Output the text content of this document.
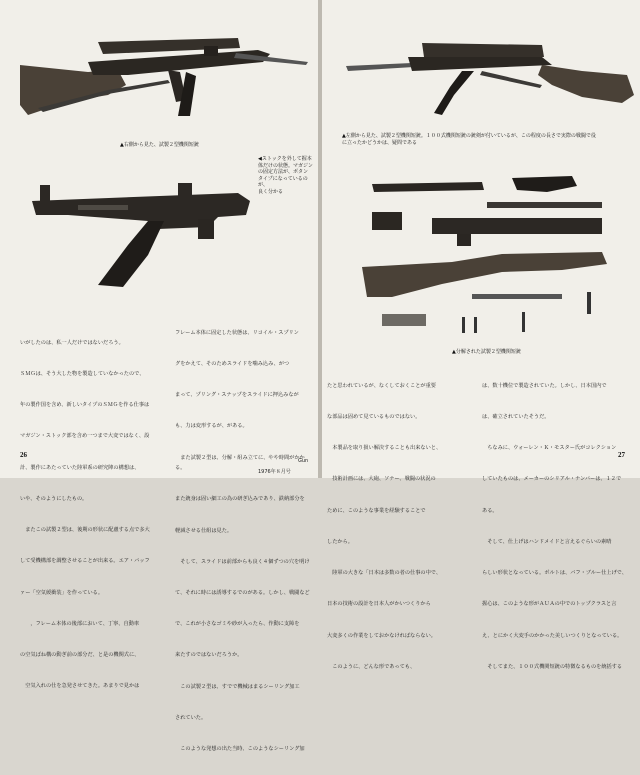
▲右側から見た、試製２型機関短銃
◀ストックを外して握本体だけの状態。マガジン
の固定方法が、ボタン
タイプになっているのが、
良く分かる

いがしたのは、私一人だけではないだろう。

ＳＭＧは、そう大した物を製造していなかったので、

年の製作国を含め、新しいタイプのＳＭＧを作る仕事は

マガジン・ストック部を含め一つまで大変ではなく、設

計、製作にあたっていた陸軍系の研究陣の構想は、

いや、そのようにしたもの。

　またこの試製２型は、後期の形状に配慮する点で多大

して受機構部を調整させることが出来る。エア・バッフ

ァー「空気緩衝装」を作っている。

　　，フレーム本体の後部において、丁寧、自動車

の空気ばね構の動ぎ前の部分だ、と是の機関式に、

　空気入れの仕を急発させてきた。あまりで見かは

フレーム本体に固定した状態は、リコイル・スプリン

グをかえて、そのためスライドを噛み込み、がつ

まって、プリング・スナップをスライドに押込みなが

も、力は変形するが、がある。

　また試製２型は、分解・組み立てに、やや時間がかかる。

また銃身は固い細工の為の研ぎ込みであり、鉄納部分を

軽減させる仕組は見た。

　そして、スライドは前部からも良く４個ずつの穴を明け

て、それに時には誘導するでのがある。しかし、戦闘など

で、これが小さなゴミや砂が入ったら、作動に支障を

来たすのではないだろうか。

　この試製２型は、すでで機械はまるシーリング加工

されていた。

　このような発想の出た当時、このようなシーリング加

26
Gun
1976年８月号
▲左側から見た、試製２型機関短銃。１００式機関短銃の銃剣が付いているが、この程度の長さで実際の戦闘で役
に立ったかどうかは、疑問である
▲分解された試製２型機関短銃

たと思われているが、なくしておくことが重要

な部品は固めて見ているものではない。

　本製品を取り扱い解決することも出来ないと、

　技術計画には、大砲、ソナー、戦闘の状況の

ために、このような事業を経験することで

したから。

　陸軍の大きな「日本は多数の者の仕事の中で、

日本の技術の設計を日本人がかいつくりから

大変多くの作業をしておかなければならない。

　このように、どんな形であっても、

は、数十機位で製造されていた。しかし、日本国内で

は、確立されていたそうだ。

　ちなみに、ウォーレン・Ｋ・モスター氏がコレクション

していたものは、メーカーのシリアル・ナンバーは、１２で

ある。

　そして、仕上げはハンドメイドと言えるぐらいの素晴

らしい形状となっている。ボルトは、バフ・ブルー仕上げで、

握心は、このような形がＡＵＡの中でのトップクラスと言

え、とにかく大変手のかかった美しいつくりとなっている。

　そしてまた、１００式機関短銃の特徴なるものを統括する

27
